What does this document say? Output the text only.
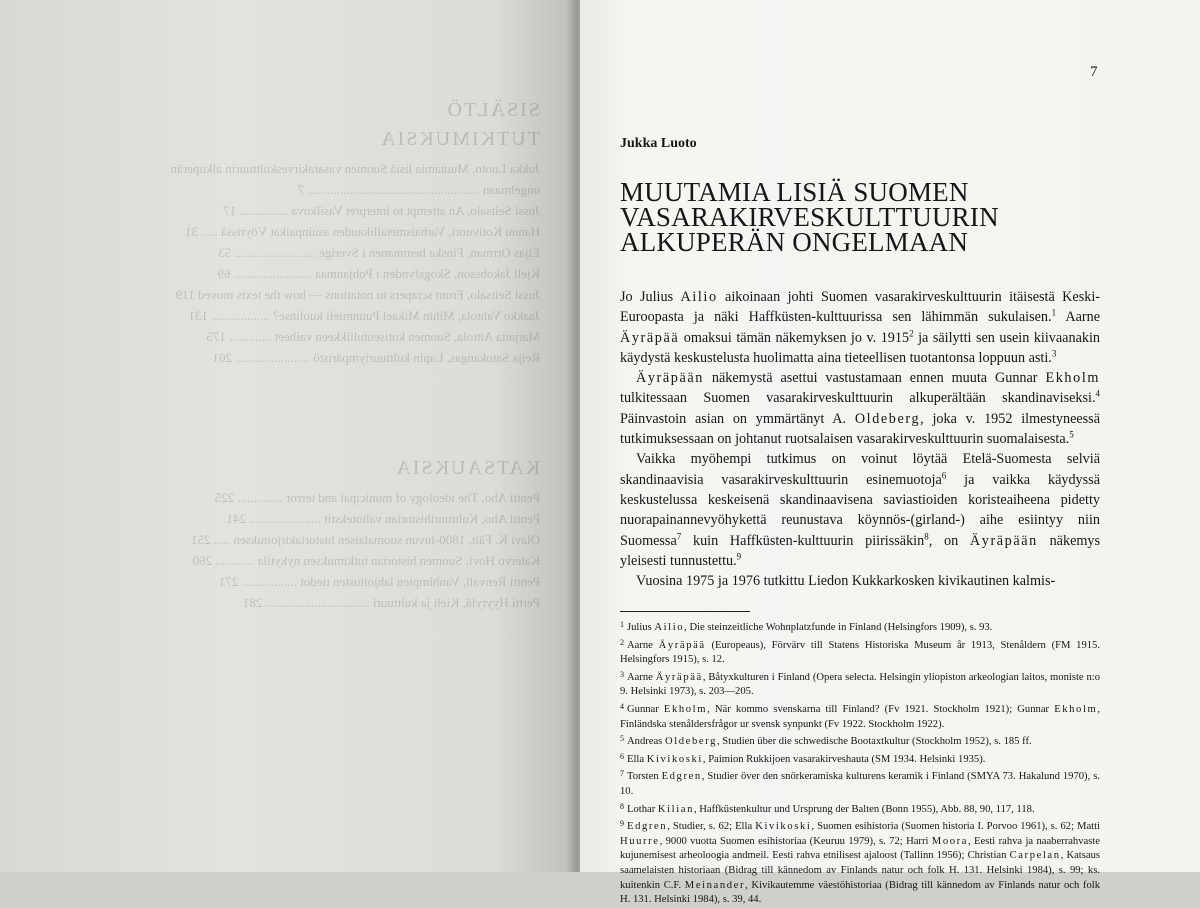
SISÄLTÖ

TUTKIMUKSIA

Jukka Luoto, Muutamia lisiä Suomen vasarakirveskulttuurin alkuperän

ongelmaan ..................................................... 7

Jussi Seitsalo, An attempt to interpret Vasilkova ............... 17

Hannu Kotivuori, Varhaismetallikauden asuinpaikat Vöyrissä ..... 31

Eljas Orrman, Finska hemmanen i Sverige ......................... 53

Kjell Jakobsson, Skogsfynden i Pohjanmaa ........................ 69

Jussi Seitsalo, From scrapers to notations — how the texts moved 119

Jaakko Vahtola, Mihin Mikael Puunmieli kuolinse? .................. 131

Marjatta Aittola, Suomen kotiseutuliikkeen vaiheet ............. 175

Reija Satokangas, Lapin kulttuuriympäristö ....................... 201

KATSAUKSIA

Pentti Aho, The ideology of municipal and terror .............. 225

Pentti Aho, Kulttuurihistorian valiotekstit ...................... 241

Olavi K. Fält, 1800-luvun suomalaisen historiakirjoituksen ..... 251

Kalervo Hovi, Suomen historian tutkimuksen nykytila ............ 260

Pentti Renvall, Vanhimpien lahjoitusten tiedot ................. 271

Pertti Hyyrylä, Kieli ja kulttuuri ................................ 281

7
Jukka Luoto
MUUTAMIA LISIÄ SUOMEN
VASARAKIRVESKULTTUURIN
ALKUPERÄN ONGELMAAN

Jo Julius Ailio aikoinaan johti Suomen vasarakirveskulttuurin itäisestä Keski-Euroopasta ja näki Haffküsten-kulttuurissa sen lähimmän sukulaisen.$^1$ Aarne Äyräpää omaksui tämän näkemyksen jo v. 1915$^2$ ja säilytti sen usein kiivaanakin käydystä keskustelusta huolimatta aina tieteellisen tuotantonsa loppuun asti.$^3$

Äyräpään näkemystä asettui vastustamaan ennen muuta Gunnar Ekholm tulkitessaan Suomen vasarakirveskulttuurin alkuperältään skandinaviseksi.$^4$ Päinvastoin asian on ymmärtänyt A. Oldeberg, joka v. 1952 ilmestyneessä tutkimuksessaan on johtanut ruotsalaisen vasarakirveskulttuurin suomalaisesta.$^5$

Vaikka myöhempi tutkimus on voinut löytää Etelä-Suomesta selviä skandinaavisia vasarakirveskulttuurin esinemuotoja$^6$ ja vaikka käydyssä keskustelussa keskeisenä skandinaavisena saviastioiden koristeaiheena pidetty nuorapainannevyöhykettä reunustava köynnös-(girland-) aihe esiintyy niin Suomessa$^7$ kuin Haffküsten-kulttuurin piirissäkin$^8$, on Äyräpään näkemys yleisesti tunnustettu.$^9$

Vuosina 1975 ja 1976 tutkittu Liedon Kukkarkosken kivikautinen kalmis-

$^1$ Julius Ailio, Die steinzeitliche Wohnplatzfunde in Finland (Helsingfors 1909), s. 93.

$^2$ Aarne Äyräpää (Europeaus), Förvärv till Statens Historiska Museum år 1913, Stenåldern (FM 1915. Helsingfors 1915), s. 12.

$^3$ Aarne Äyräpää, Båtyxkulturen i Finland (Opera selecta. Helsingin yliopiston arkeologian laitos, moniste n:o 9. Helsinki 1973), s. 203—205.

$^4$ Gunnar Ekholm, När kommo svenskarna till Finland? (Fv 1921. Stockholm 1921); Gunnar Ekholm, Finländska stenåldersfrågor ur svensk synpunkt (Fv 1922. Stockholm 1922).

$^5$ Andreas Oldeberg, Studien über die schwedische Bootaxtkultur (Stockholm 1952), s. 185 ff.

$^6$ Ella Kivikoski, Paimion Rukkijoen vasarakirveshauta (SM 1934. Helsinki 1935).

$^7$ Torsten Edgren, Studier över den snörkeramiska kulturens keramik i Finland (SMYA 73. Hakalund 1970), s. 10.

$^8$ Lothar Kilian, Haffküstenkultur und Ursprung der Balten (Bonn 1955), Abb. 88, 90, 117, 118.

$^9$ Edgren, Studier, s. 62; Ella Kivikoski, Suomen esihistoria (Suomen historia I. Porvoo 1961), s. 62; Matti Huurre, 9000 vuotta Suomen esihistoriaa (Keuruu 1979), s. 72; Harri Moora, Eesti rahva ja naaberrahvaste kujunemisest arheoloogia andmeil. Eesti rahva etnilisest ajaloost (Tallinn 1956); Christian Carpelan, Katsaus saamelaisten historiaan (Bidrag till kännedom av Finlands natur och folk H. 131. Helsinki 1984), s. 99; ks. kuitenkin C.F. Meinander, Kivikautemme väestöhistoriaa (Bidrag till kännedom av Finlands natur och folk H. 131. Helsinki 1984), s. 39, 44.
